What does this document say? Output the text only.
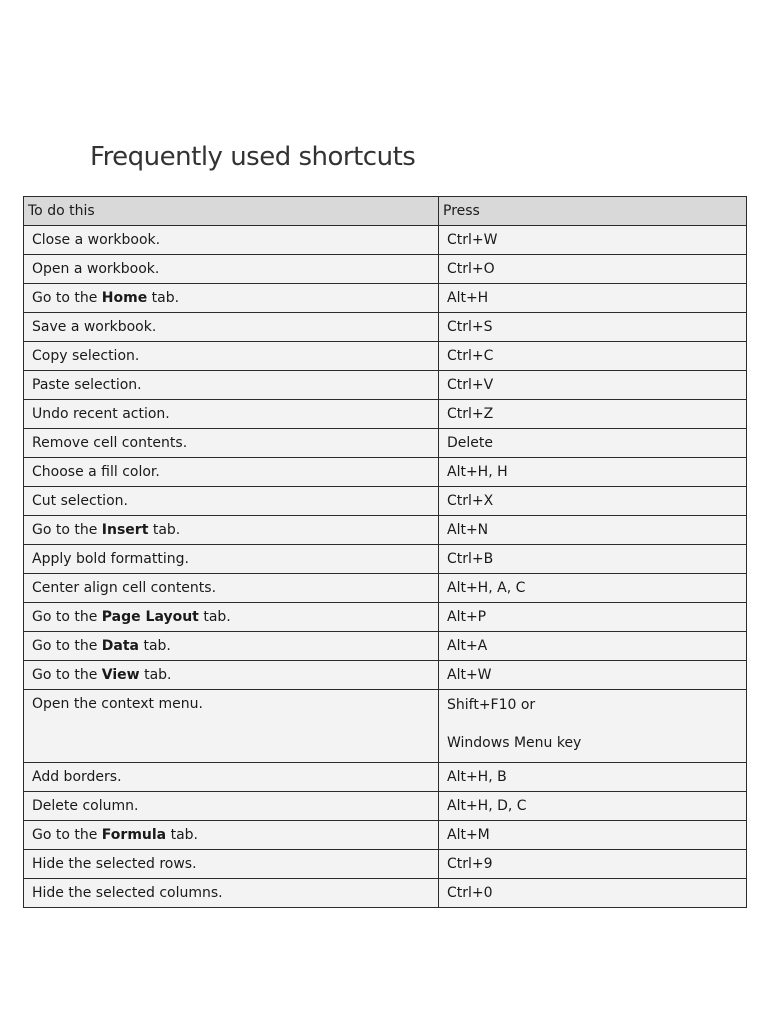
Frequently used shortcuts
To do this	Press
Close a workbook.	Ctrl+W
Open a workbook.	Ctrl+O
Go to the Home tab.	Alt+H
Save a workbook.	Ctrl+S
Copy selection.	Ctrl+C
Paste selection.	Ctrl+V
Undo recent action.	Ctrl+Z
Remove cell contents.	Delete
Choose a fill color.	Alt+H, H
Cut selection.	Ctrl+X
Go to the Insert tab.	Alt+N
Apply bold formatting.	Ctrl+B
Center align cell contents.	Alt+H, A, C
Go to the Page Layout tab.	Alt+P
Go to the Data tab.	Alt+A
Go to the View tab.	Alt+W
Open the context menu.	Shift+F10 or
Windows Menu key

Add borders.	Alt+H, B
Delete column.	Alt+H, D, C
Go to the Formula tab.	Alt+M
Hide the selected rows.	Ctrl+9
Hide the selected columns.	Ctrl+0
